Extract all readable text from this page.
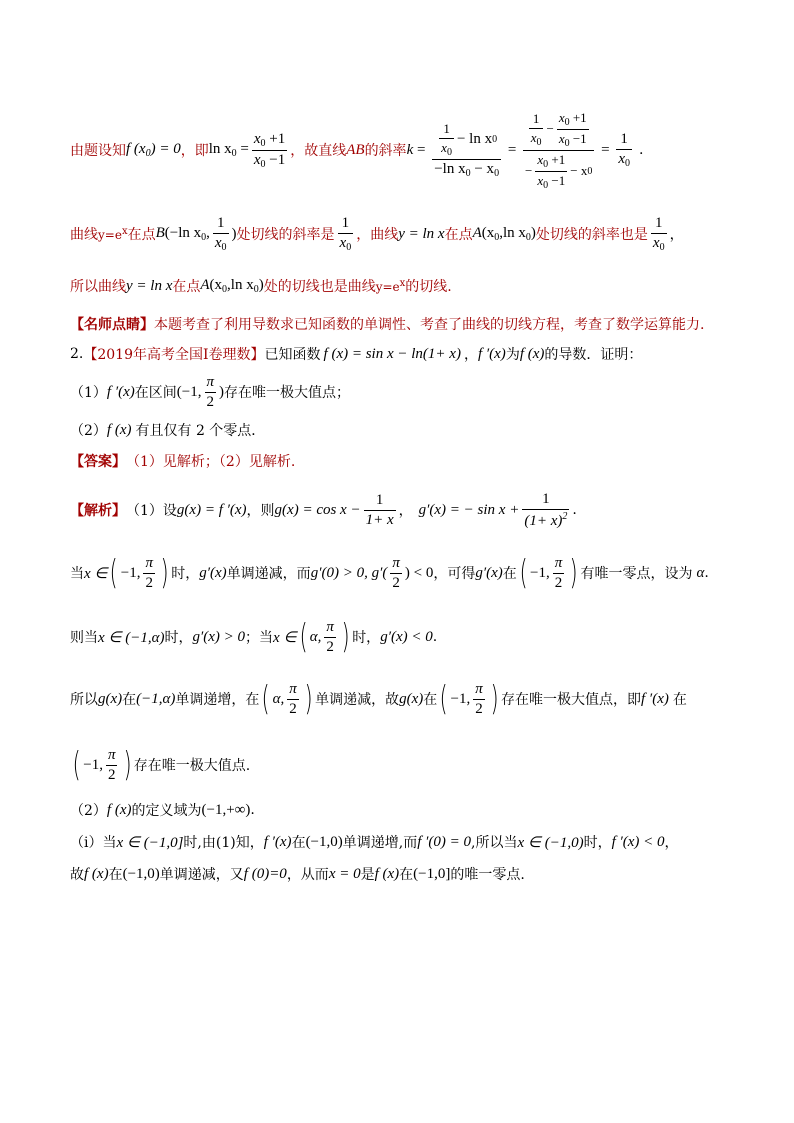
由题设知 f $(x_0) = 0$ ，即 $\ln x_0 = \frac{x_0 +1}{x_0 -1}$ ，故直线 AB 的斜率 k = 1
$x_0$
− ln x 0
−ln $x_0 - x_0 = 1$
$x_0$
− $\frac{x_0 +1}{x_0 -1}$
− $\frac{x_0 +1}{x_0 -1} - x$ $0 = \frac{1}{x_0}$ .
曲线 $y=e^x$ 在点 B(−ln $x_0$,
1
$x_0$
) 处切线的斜率是
1
$x_0$
，曲线 y = ln x 在点 $A(x_0,\ln$ $x_0$) 处切线的斜率也是
1
$x_0$
，
所以曲线 y = ln x 在点 $A(x_0,\ln$ $x_0$) 处的切线也是曲线 $y=e^x$ 的切线.
【名师点睛】 本题考查了利用导数求已知函数的单调性、考查了曲线的切线方程，考查了数学运算能力.
2. 【2019年高考全国Ⅰ卷理数】 已知函数 f (x) = sin x − ln(1+ x) ， f ′(x) 为 f (x) 的导数．证明：
（1） f ′(x) 在区间 (−1,
π
2
) 存在唯一极大值点；
（2） f (x) 有且仅有 2 个零点．
【答案】 （1）见解析；（2）见解析.
【解析】 （1）设 g(x) = f ′(x) ，则 $g(x) = \cos x - \frac{1}{1+ x}$ ， g′(x) = − $\sin x + \frac{1}{(1+ x)^2}$ .
当 x ∈ ( −1,
π
2 ) 时， g′(x) 单调递减，而 g′(0) > 0, g′(
π
2
) < 0 ，可得 g′(x) 在 ( −1,
π
2 ) 有唯一零点，设为 α .
则当 x ∈ (−1,α) 时， g′(x) > 0 ；当 x ∈ ( α,
π
2 ) 时， g′(x) < 0 .
所以 g(x) 在 (−1,α) 单调递增，在 ( α,
π
2 ) 单调递减，故 g(x) 在 ( −1,
π
2 ) 存在唯一极大值点，即 f ′(x) 在
( −1,
π
2 ) 存在唯一极大值点.
（2） f (x) 的定义域为 (−1,+∞) .
（i）当 x ∈ (−1,0] 时,由(1)知， f ′(x) 在 (−1,0) 单调递增,而 f ′(0) = 0 ,所以当 x ∈ (−1,0) 时， f ′(x) < 0 ，
故 f (x) 在 (−1,0) 单调递减，又 f (0)=0 ，从而 x = 0 是 f (x) 在 (−1,0] 的唯一零点.
